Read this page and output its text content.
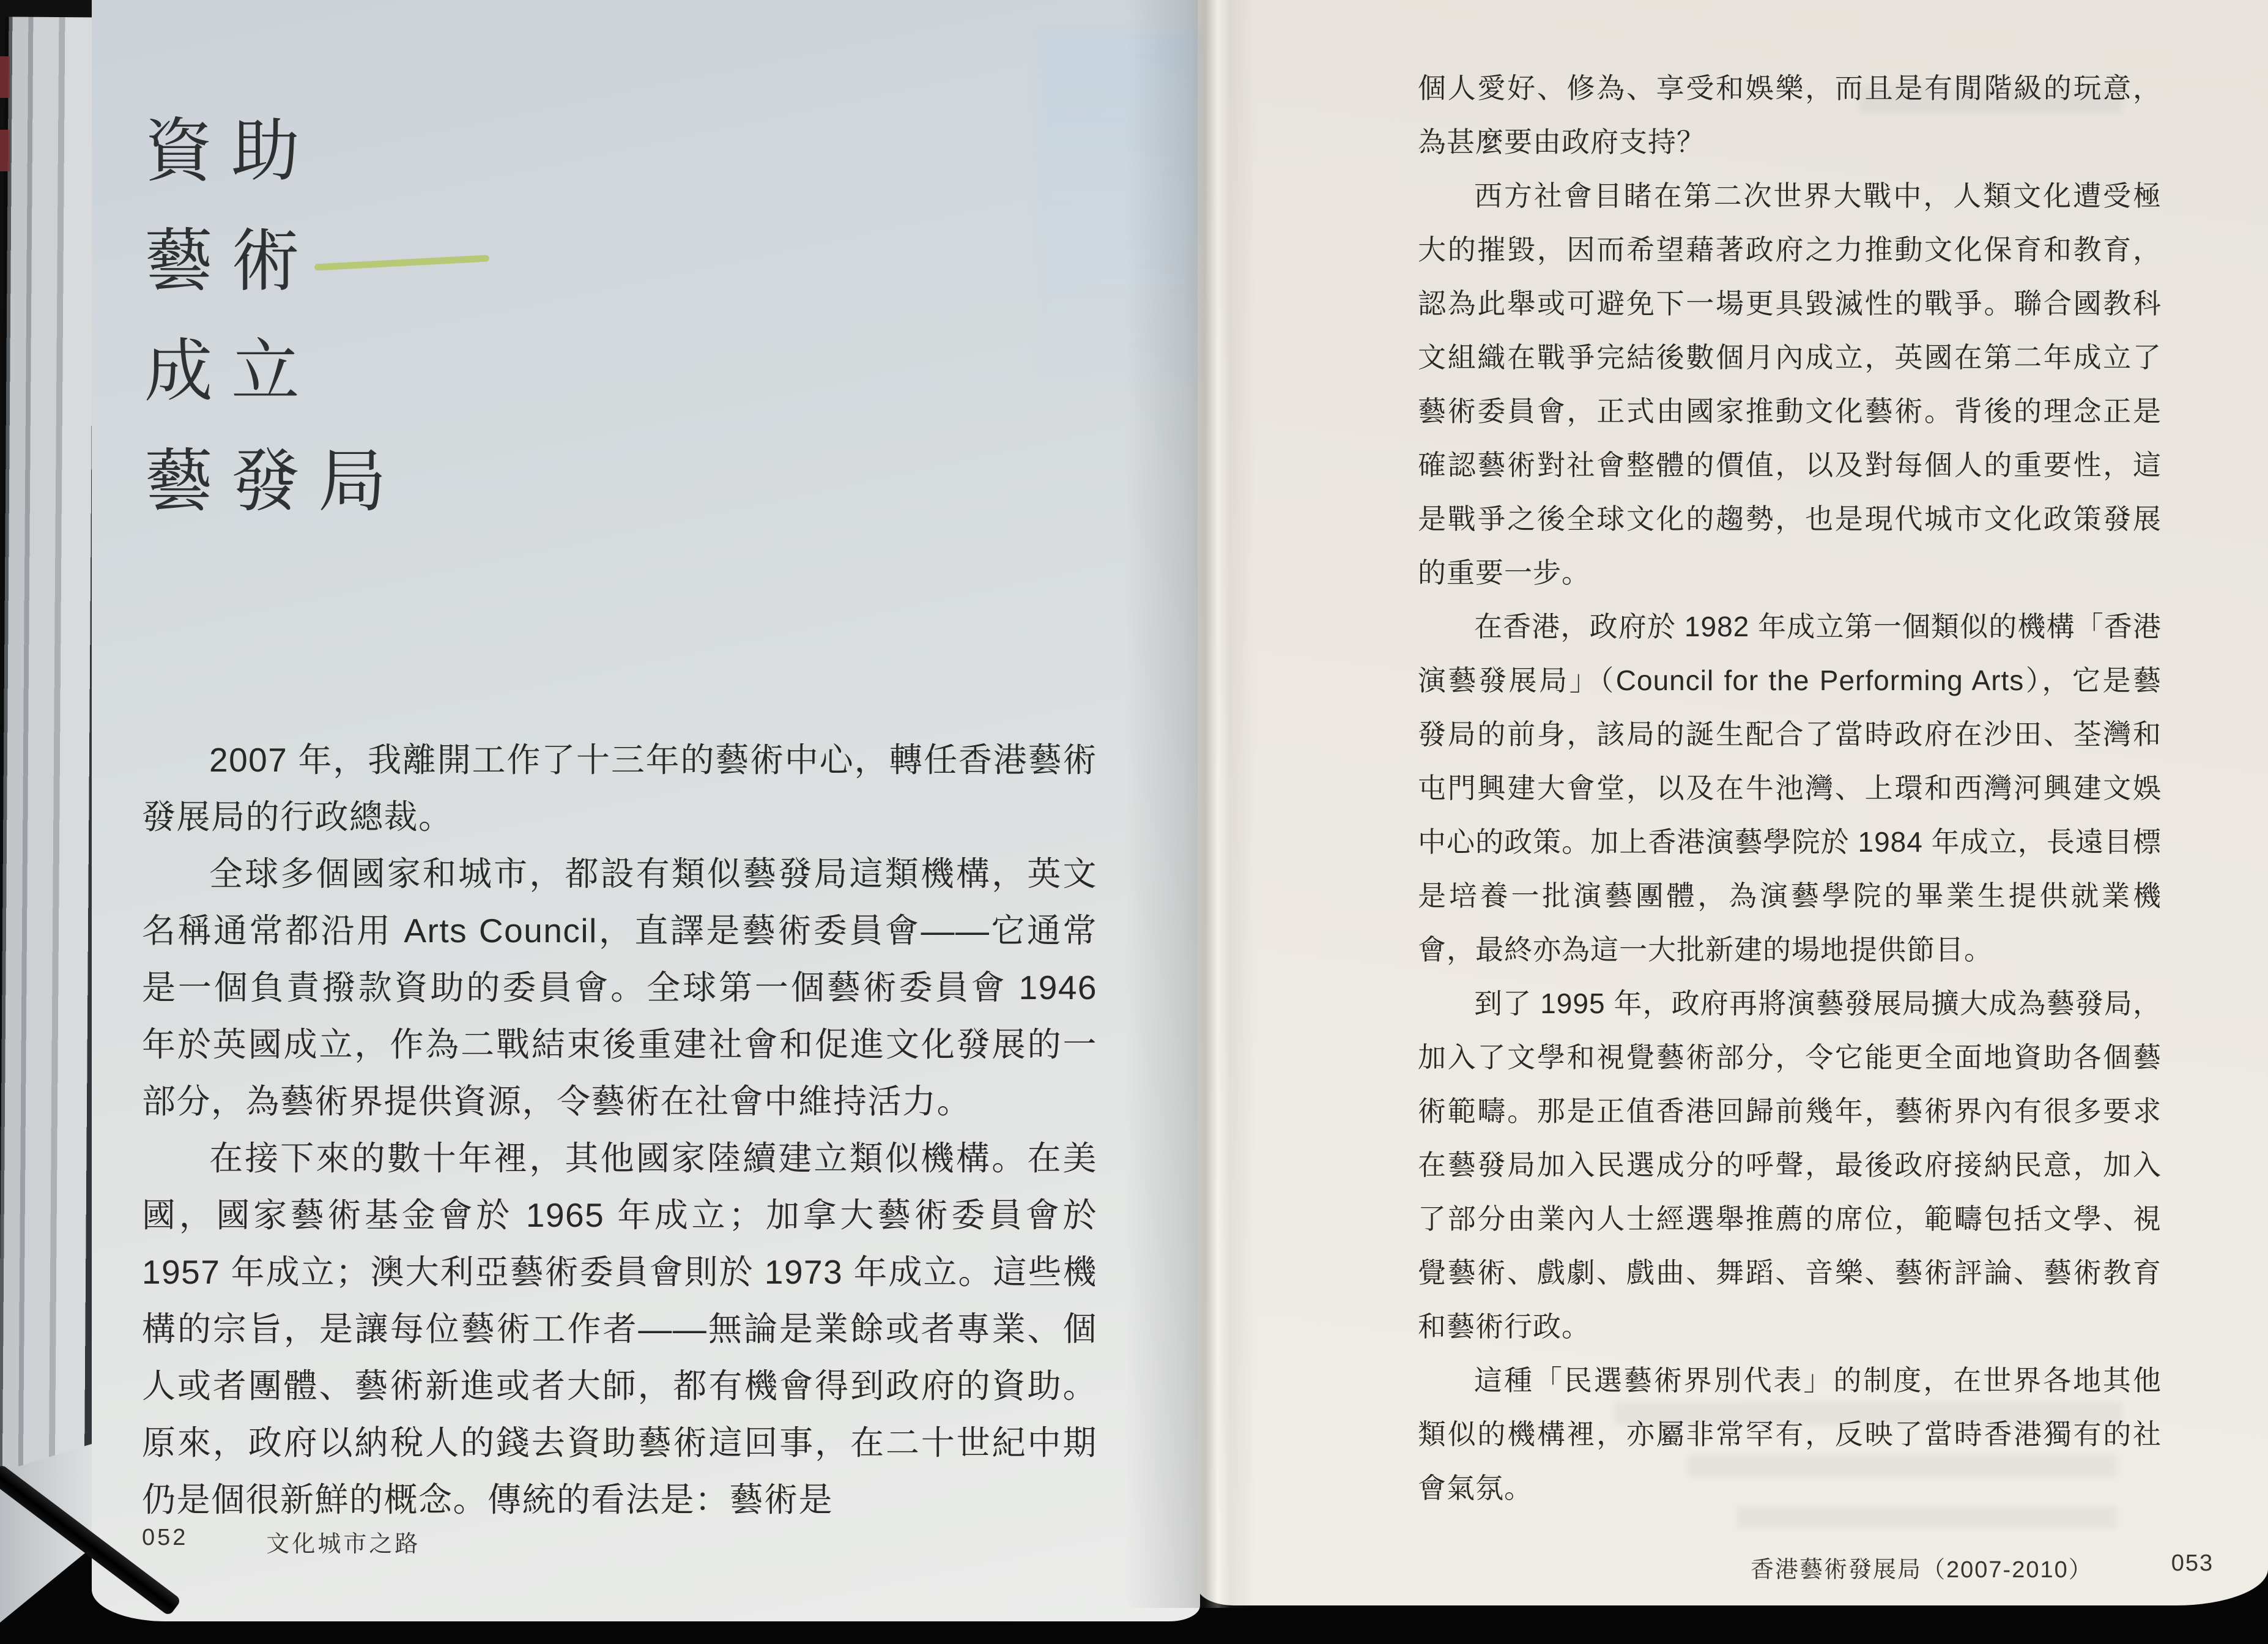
資助
藝術
成立
藝發局

2007 年，我離開工作了十三年的藝術中心，轉任香港藝術發展局的行政總裁。

全球多個國家和城市，都設有類似藝發局這類機構，英文名稱通常都沿用 Arts Council，直譯是藝術委員會——它通常是一個負責撥款資助的委員會。全球第一個藝術委員會 1946 年於英國成立，作為二戰結束後重建社會和促進文化發展的一部分，為藝術界提供資源，令藝術在社會中維持活力。

在接下來的數十年裡，其他國家陸續建立類似機構。在美國，國家藝術基金會於 1965 年成立；加拿大藝術委員會於 1957 年成立；澳大利亞藝術委員會則於 1973 年成立。這些機構的宗旨，是讓每位藝術工作者——無論是業餘或者專業、個人或者團體、藝術新進或者大師，都有機會得到政府的資助。原來，政府以納稅人的錢去資助藝術這回事，在二十世紀中期仍是個很新鮮的概念。傳統的看法是：藝術是

052	文化城市之路

個人愛好、修為、享受和娛樂，而且是有閒階級的玩意，為甚麼要由政府支持？

西方社會目睹在第二次世界大戰中，人類文化遭受極大的摧毀，因而希望藉著政府之力推動文化保育和教育，認為此舉或可避免下一場更具毀滅性的戰爭。聯合國教科文組織在戰爭完結後數個月內成立，英國在第二年成立了藝術委員會，正式由國家推動文化藝術。背後的理念正是確認藝術對社會整體的價值，以及對每個人的重要性，這是戰爭之後全球文化的趨勢，也是現代城市文化政策發展的重要一步。

在香港，政府於 1982 年成立第一個類似的機構「香港演藝發展局」（Council for the Performing Arts），它是藝發局的前身，該局的誕生配合了當時政府在沙田、荃灣和屯門興建大會堂，以及在牛池灣、上環和西灣河興建文娛中心的政策。加上香港演藝學院於 1984 年成立，長遠目標是培養一批演藝團體，為演藝學院的畢業生提供就業機會，最終亦為這一大批新建的場地提供節目。

到了 1995 年，政府再將演藝發展局擴大成為藝發局，加入了文學和視覺藝術部分，令它能更全面地資助各個藝術範疇。那是正值香港回歸前幾年，藝術界內有很多要求在藝發局加入民選成分的呼聲，最後政府接納民意，加入了部分由業內人士經選舉推薦的席位，範疇包括文學、視覺藝術、戲劇、戲曲、舞蹈、音樂、藝術評論、藝術教育和藝術行政。

這種「民選藝術界別代表」的制度，在世界各地其他類似的機構裡，亦屬非常罕有，反映了當時香港獨有的社會氣氛。

香港藝術發展局（2007-2010）	053
